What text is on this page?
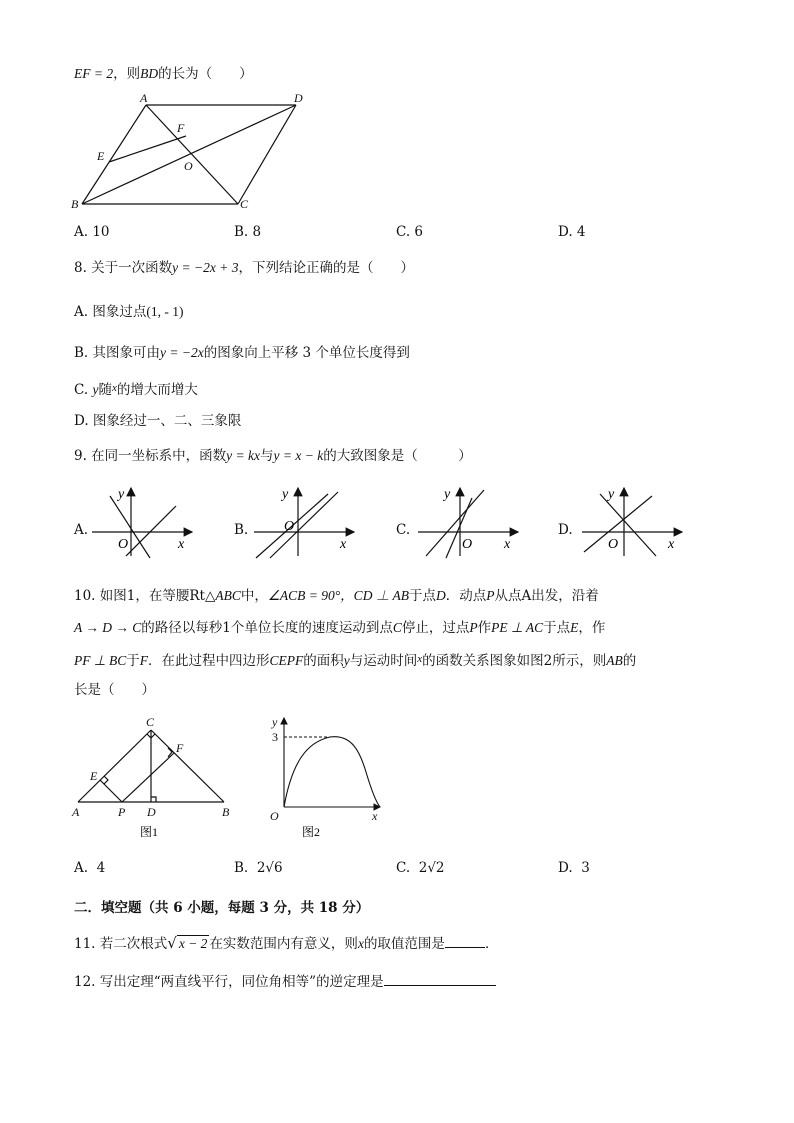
EF = 2，则BD的长为（　　）
A	D
F
E
O
B	C
A. 10	B. 8	C. 6	D. 4
8. 关于一次函数y = −2x + 3，下列结论正确的是（　　）
A. 图象过点(1, - 1)
B. 其图象可由y = −2x的图象向上平移 3 个单位长度得到
C. y随$^x$的增大而增大
D. 图象经过一、二、三象限
9. 在同一坐标系中，函数y = kx与y = x − k的大致图象是（　　　）
A.
y
O	x
B.
y
O
x
C.
y
O x
D.
y
O	x
10. 如图1，在等腰Rt△ABC中，∠ACB = 90°，CD ⊥ AB于点D．动点P从点A出发，沿着
A → D → C的路径以每秒1个单位长度的速度运动到点C停止，过点P作PE ⊥ AC于点E，作
PF ⊥ BC于F．在此过程中四边形CEPF的面积y与运动时间$^x$的函数关系图象如图2所示，则AB的
长是（　　）
C
F
E
A	P D	B
图1
y
3
O	x
图2
A. 4	B. 2√6	C. 2√2	D. 3
二．填空题（共 6 小题，每题 3 分，共 18 分）
11. 若二次根式√ x − 2 在实数范围内有意义，则x的取值范围是	．
12. 写出定理“两直线平行，同位角相等”的逆定理是
